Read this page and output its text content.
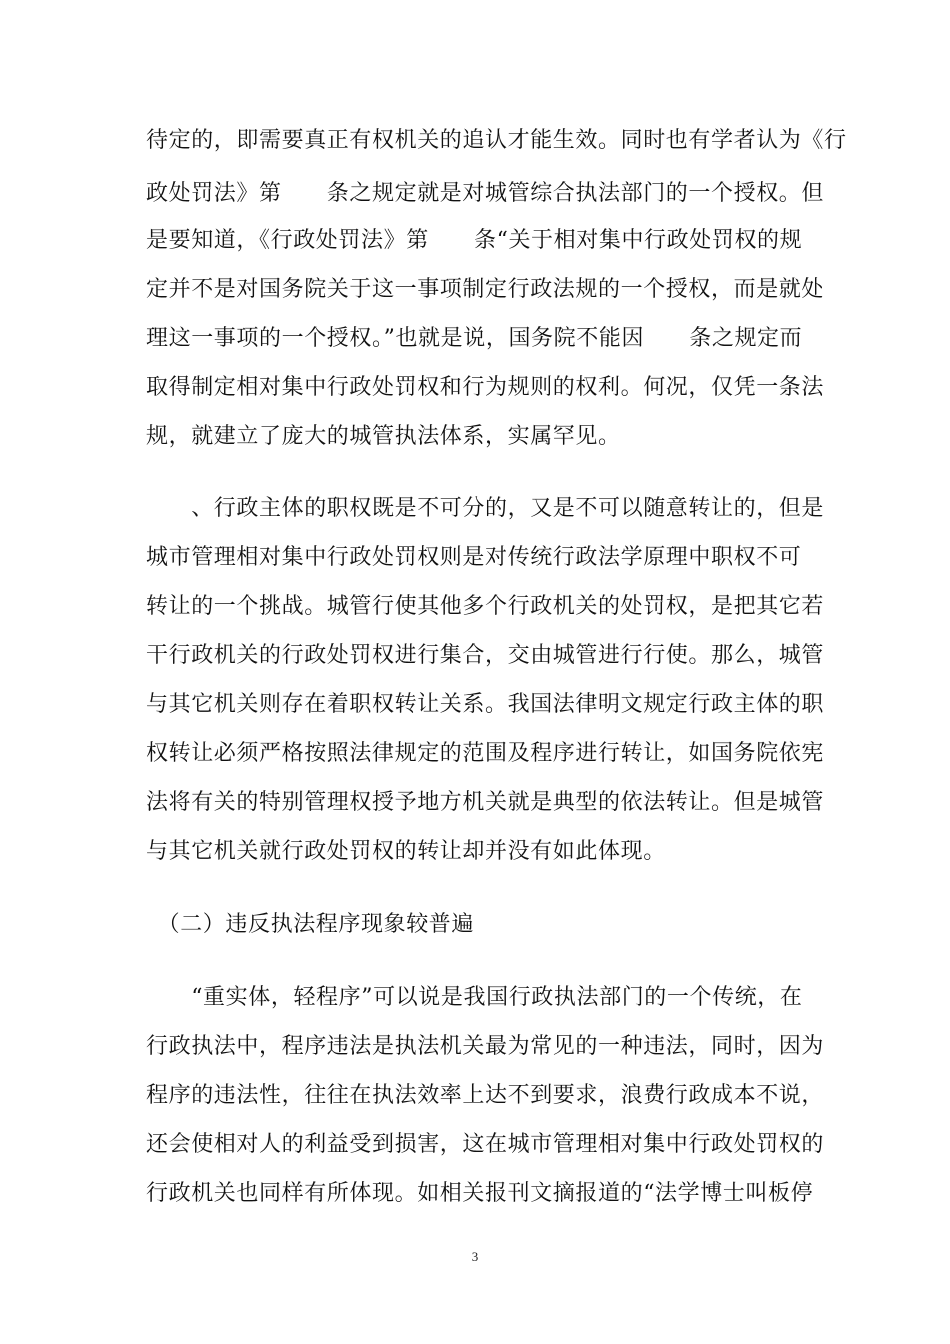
待定的，即需要真正有权机关的追认才能生效。同时也有学者认为《行
政处罚法》第　　条之规定就是对城管综合执法部门的一个授权。但
是要知道，《行政处罚法》第　　条“关于相对集中行政处罚权的规
定并不是对国务院关于这一事项制定行政法规的一个授权，而是就处
理这一事项的一个授权。”也就是说，国务院不能因　　条之规定而
取得制定相对集中行政处罚权和行为规则的权利。何况，仅凭一条法
规，就建立了庞大的城管执法体系，实属罕见。
　　、行政主体的职权既是不可分的，又是不可以随意转让的，但是
城市管理相对集中行政处罚权则是对传统行政法学原理中职权不可
转让的一个挑战。城管行使其他多个行政机关的处罚权，是把其它若
干行政机关的行政处罚权进行集合，交由城管进行行使。那么，城管
与其它机关则存在着职权转让关系。我国法律明文规定行政主体的职
权转让必须严格按照法律规定的范围及程序进行转让，如国务院依宪
法将有关的特别管理权授予地方机关就是典型的依法转让。但是城管
与其它机关就行政处罚权的转让却并没有如此体现。
　（二）违反执法程序现象较普遍
　　“重实体，轻程序”可以说是我国行政执法部门的一个传统，在
行政执法中，程序违法是执法机关最为常见的一种违法，同时，因为
程序的违法性，往往在执法效率上达不到要求，浪费行政成本不说，
还会使相对人的利益受到损害，这在城市管理相对集中行政处罚权的
行政机关也同样有所体现。如相关报刊文摘报道的“法学博士叫板停
3
